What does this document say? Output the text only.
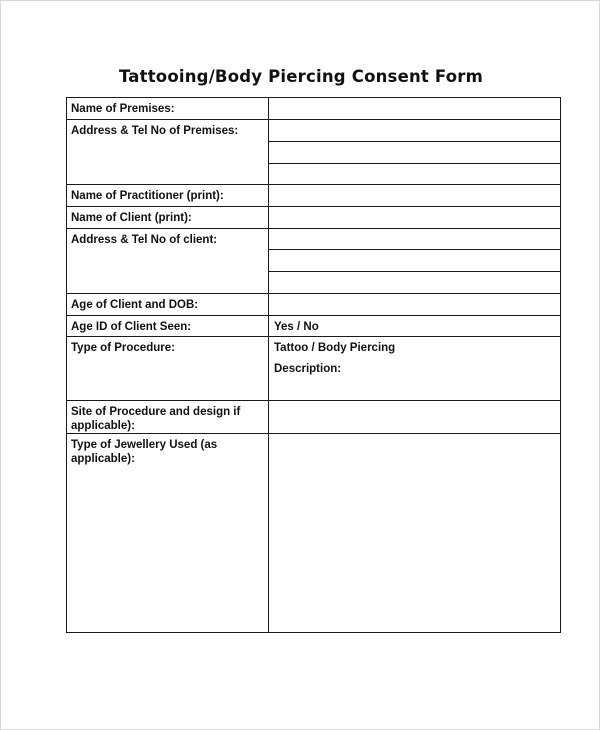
Tattooing/Body Piercing Consent Form
Name of Premises:	
Address & Tel No of Premises:	

Name of Practitioner (print):	
Name of Client (print):	
Address & Tel No of client:	

Age of Client and DOB:	
Age ID of Client Seen:	Yes / No
Type of Procedure:	Tattoo / Body Piercing
Description:

Site of Procedure and design if applicable):	
Type of Jewellery Used (as applicable):	
